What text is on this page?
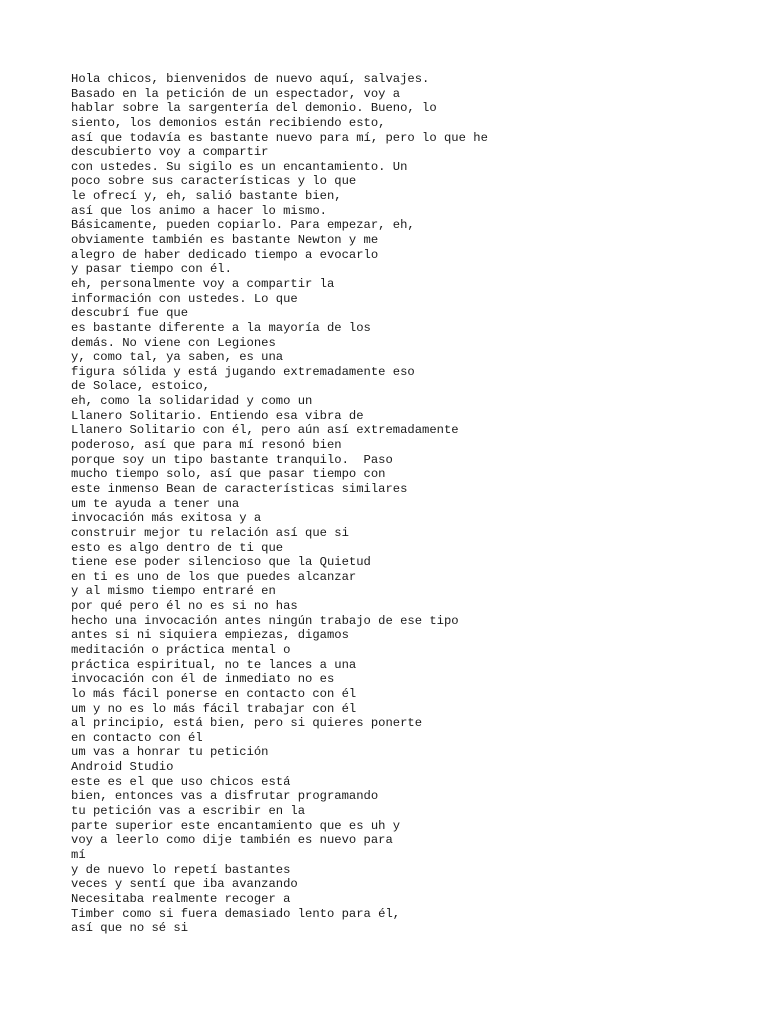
Hola chicos, bienvenidos de nuevo aquí, salvajes.
Basado en la petición de un espectador, voy a
hablar sobre la sargentería del demonio. Bueno, lo
siento, los demonios están recibiendo esto,
así que todavía es bastante nuevo para mí, pero lo que he
descubierto voy a compartir
con ustedes. Su sigilo es un encantamiento. Un
poco sobre sus características y lo que
le ofrecí y, eh, salió bastante bien,
así que los animo a hacer lo mismo.
Básicamente, pueden copiarlo. Para empezar, eh,
obviamente también es bastante Newton y me
alegro de haber dedicado tiempo a evocarlo
y pasar tiempo con él.
eh, personalmente voy a compartir la
información con ustedes. Lo que
descubrí fue que
es bastante diferente a la mayoría de los
demás. No viene con Legiones
y, como tal, ya saben, es una
figura sólida y está jugando extremadamente eso
de Solace, estoico,
eh, como la solidaridad y como un
Llanero Solitario. Entiendo esa vibra de
Llanero Solitario con él, pero aún así extremadamente
poderoso, así que para mí resonó bien
porque soy un tipo bastante tranquilo.  Paso
mucho tiempo solo, así que pasar tiempo con
este inmenso Bean de características similares
um te ayuda a tener una
invocación más exitosa y a
construir mejor tu relación así que si
esto es algo dentro de ti que
tiene ese poder silencioso que la Quietud
en ti es uno de los que puedes alcanzar
y al mismo tiempo entraré en
por qué pero él no es si no has
hecho una invocación antes ningún trabajo de ese tipo
antes si ni siquiera empiezas, digamos
meditación o práctica mental o
práctica espiritual, no te lances a una
invocación con él de inmediato no es
lo más fácil ponerse en contacto con él
um y no es lo más fácil trabajar con él
al principio, está bien, pero si quieres ponerte
en contacto con él
um vas a honrar tu petición
Android Studio
este es el que uso chicos está
bien, entonces vas a disfrutar programando
tu petición vas a escribir en la
parte superior este encantamiento que es uh y
voy a leerlo como dije también es nuevo para
mí
y de nuevo lo repetí bastantes
veces y sentí que iba avanzando
Necesitaba realmente recoger a
Timber como si fuera demasiado lento para él,
así que no sé si
